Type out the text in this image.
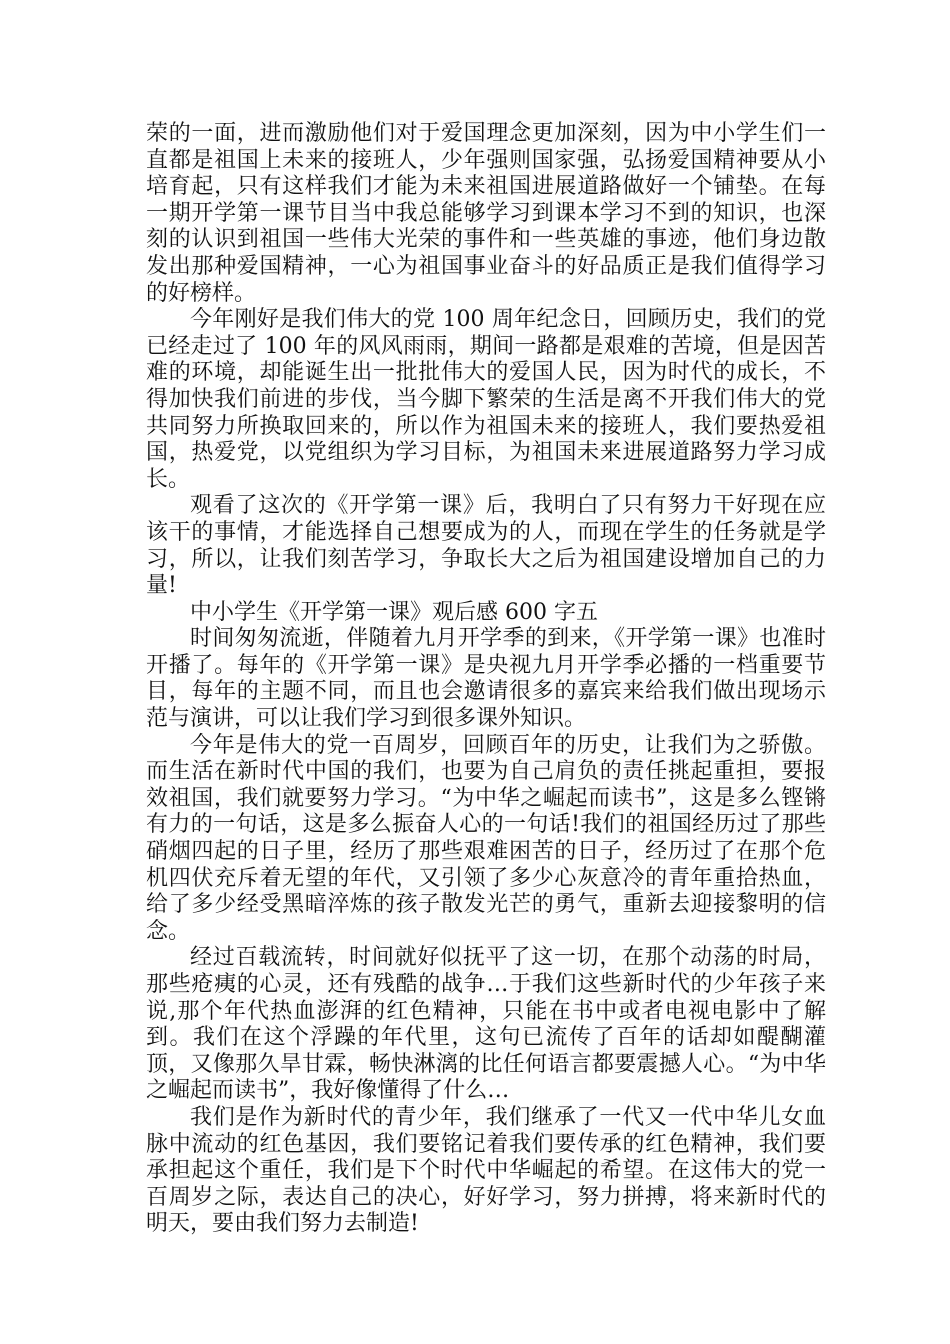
荣的一面，进而激励他们对于爱国理念更加深刻，因为中小学生们一直都是祖国上未来的接班人，少年强则国家强，弘扬爱国精神要从小培育起，只有这样我们才能为未来祖国进展道路做好一个铺垫。在每一期开学第一课节目当中我总能够学习到课本学习不到的知识，也深刻的认识到祖国一些伟大光荣的事件和一些英雄的事迹，他们身边散发出那种爱国精神，一心为祖国事业奋斗的好品质正是我们值得学习的好榜样。

今年刚好是我们伟大的党 100 周年纪念日，回顾历史，我们的党已经走过了 100 年的风风雨雨，期间一路都是艰难的苦境，但是因苦难的环境，却能诞生出一批批伟大的爱国人民，因为时代的成长，不得加快我们前进的步伐，当今脚下繁荣的生活是离不开我们伟大的党共同努力所换取回来的，所以作为祖国未来的接班人，我们要热爱祖国，热爱党，以党组织为学习目标，为祖国未来进展道路努力学习成长。

观看了这次的《开学第一课》后，我明白了只有努力干好现在应该干的事情，才能选择自己想要成为的人，而现在学生的任务就是学习，所以，让我们刻苦学习，争取长大之后为祖国建设增加自己的力量!

中小学生《开学第一课》观后感 600 字五

时间匆匆流逝，伴随着九月开学季的到来，《开学第一课》也准时开播了。每年的《开学第一课》是央视九月开学季必播的一档重要节目，每年的主题不同，而且也会邀请很多的嘉宾来给我们做出现场示范与演讲，可以让我们学习到很多课外知识。

今年是伟大的党一百周岁，回顾百年的历史，让我们为之骄傲。而生活在新时代中国的我们，也要为自己肩负的责任挑起重担，要报效祖国，我们就要努力学习。“为中华之崛起而读书”，这是多么铿锵有力的一句话，这是多么振奋人心的一句话!我们的祖国经历过了那些硝烟四起的日子里，经历了那些艰难困苦的日子，经历过了在那个危机四伏充斥着无望的年代，又引领了多少心灰意冷的青年重拾热血，给了多少经受黑暗淬炼的孩子散发光芒的勇气，重新去迎接黎明的信念。

经过百载流转，时间就好似抚平了这一切，在那个动荡的时局，那些疮痍的心灵，还有残酷的战争…于我们这些新时代的少年孩子来说,那个年代热血澎湃的红色精神，只能在书中或者电视电影中了解到。我们在这个浮躁的年代里，这句已流传了百年的话却如醍醐灌顶，又像那久旱甘霖，畅快淋漓的比任何语言都要震撼人心。“为中华之崛起而读书”，我好像懂得了什么…

我们是作为新时代的青少年，我们继承了一代又一代中华儿女血脉中流动的红色基因，我们要铭记着我们要传承的红色精神，我们要承担起这个重任，我们是下个时代中华崛起的希望。在这伟大的党一百周岁之际，表达自己的决心，好好学习，努力拼搏，将来新时代的明天，要由我们努力去制造!
